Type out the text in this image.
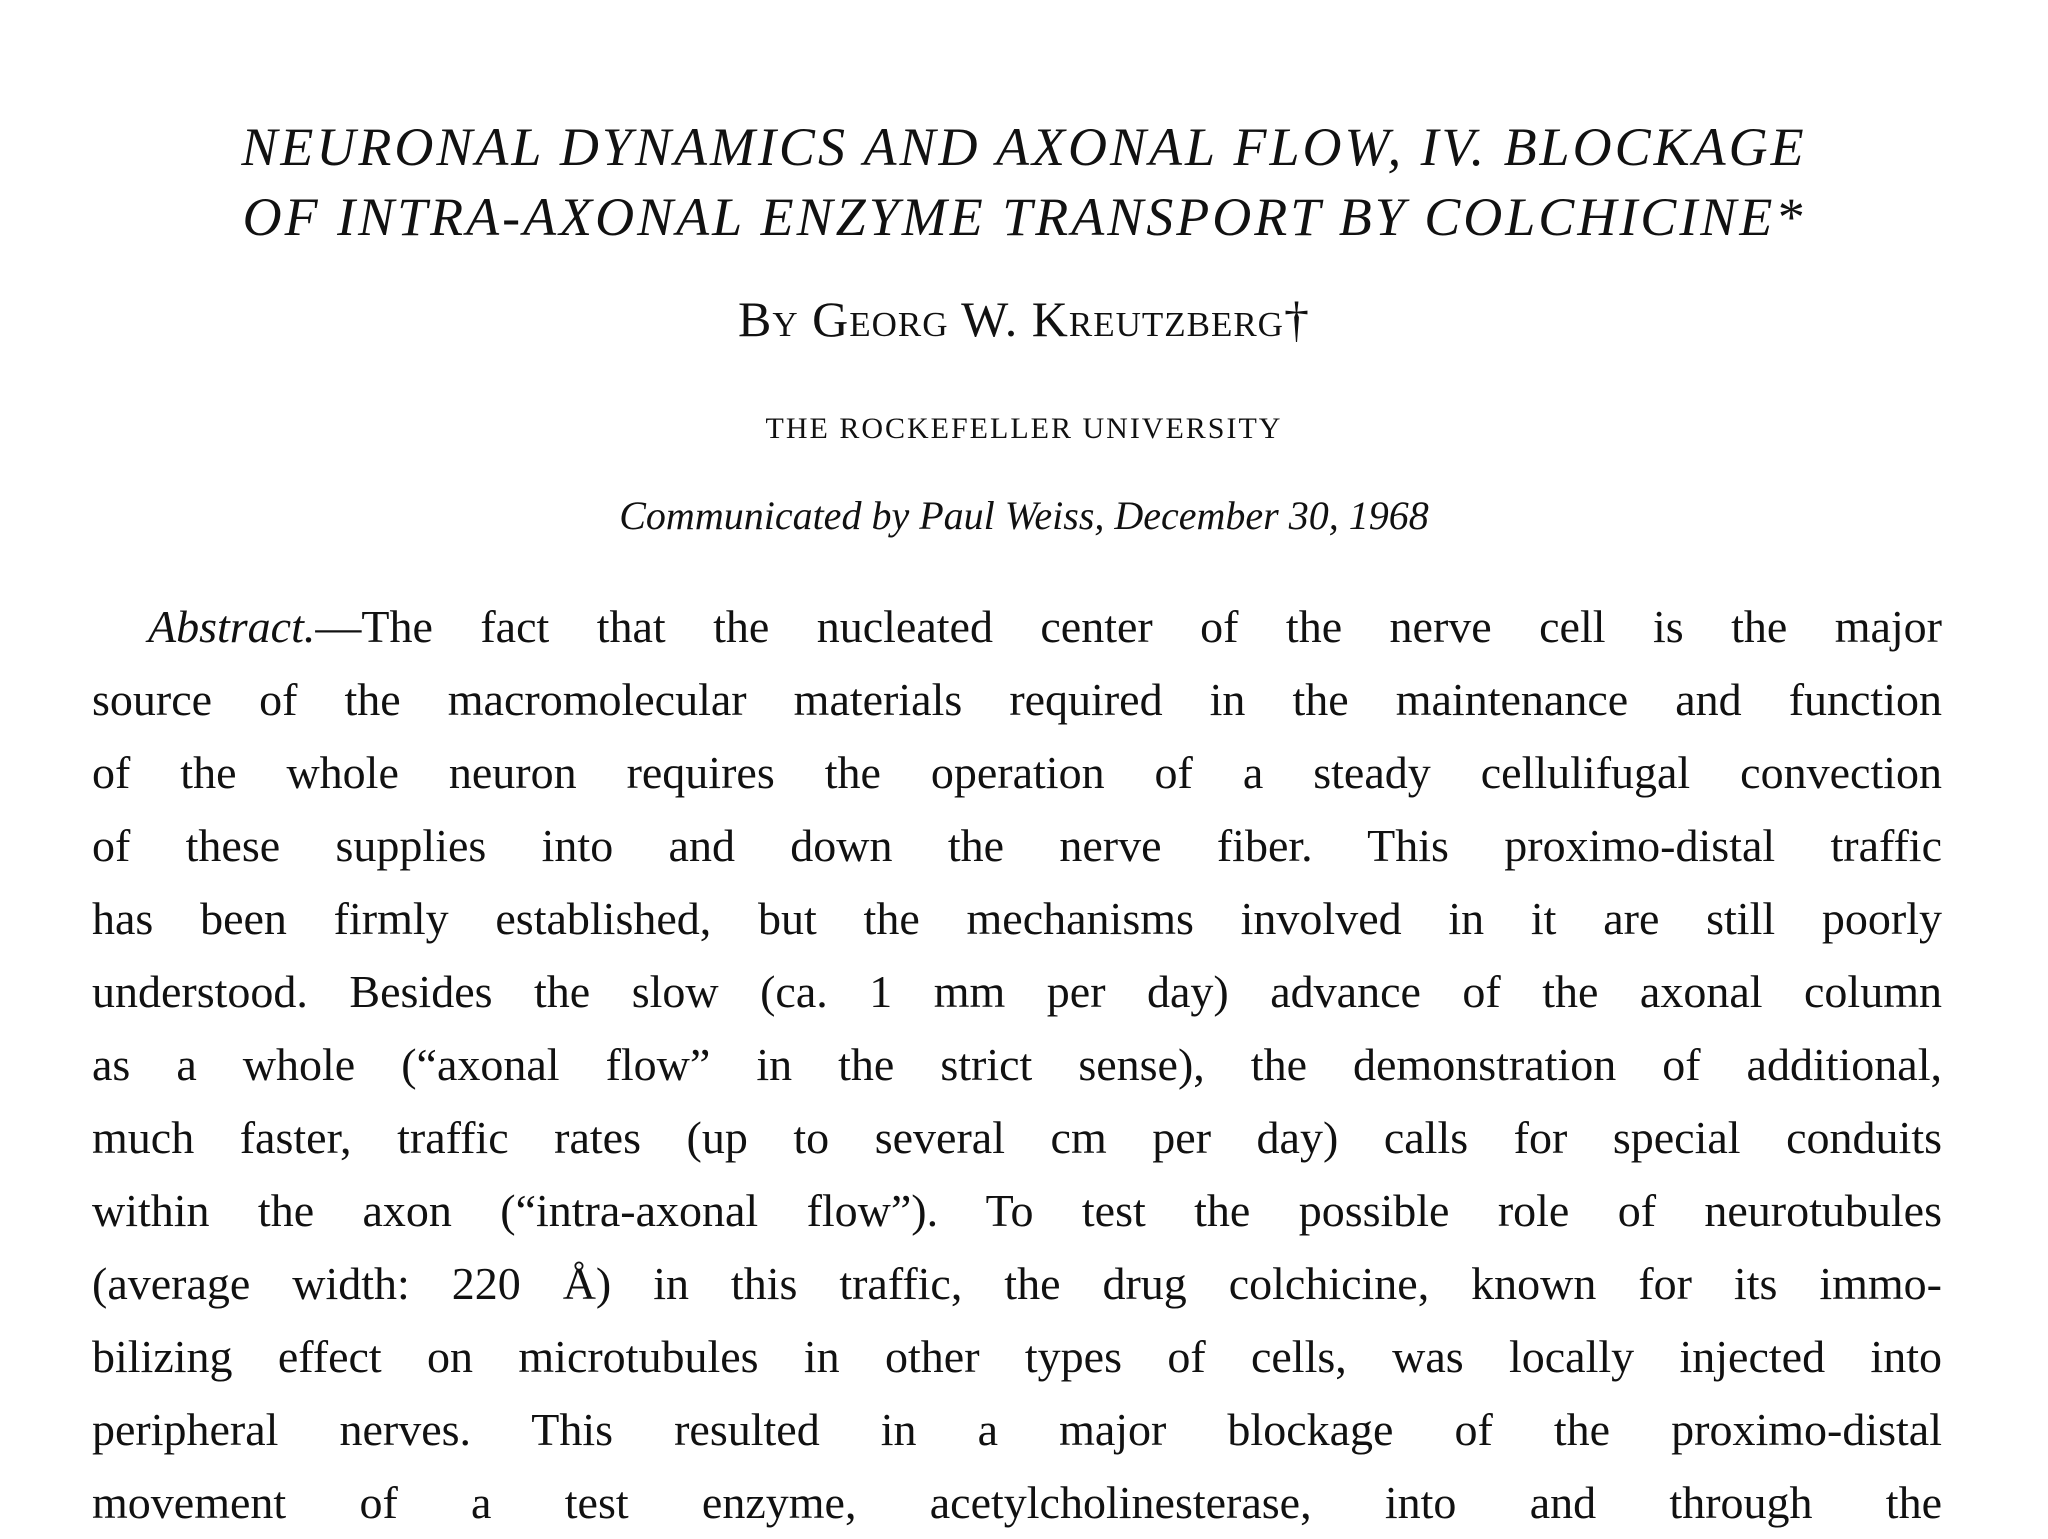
NEURONAL DYNAMICS AND AXONAL FLOW, IV. BLOCKAGE
OF INTRA-AXONAL ENZYME TRANSPORT BY COLCHICINE*
By Georg W. Kreutzberg†
THE ROCKEFELLER UNIVERSITY
Communicated by Paul Weiss, December 30, 1968
Abstract.—The fact that the nucleated center of the nerve cell is the major
source of the macromolecular materials required in the maintenance and function
of the whole neuron requires the operation of a steady cellulifugal convection
of these supplies into and down the nerve fiber. This proximo-distal traffic
has been firmly established, but the mechanisms involved in it are still poorly
understood. Besides the slow (ca. 1 mm per day) advance of the axonal column
as a whole (“axonal flow” in the strict sense), the demonstration of additional,
much faster, traffic rates (up to several cm per day) calls for special conduits
within the axon (“intra-axonal flow”). To test the possible role of neurotubules
(average width: 220 Å) in this traffic, the drug colchicine, known for its immo-
bilizing effect on microtubules in other types of cells, was locally injected into
peripheral nerves. This resulted in a major blockage of the proximo-distal
movement of a test enzyme, acetylcholinesterase, into and through the
